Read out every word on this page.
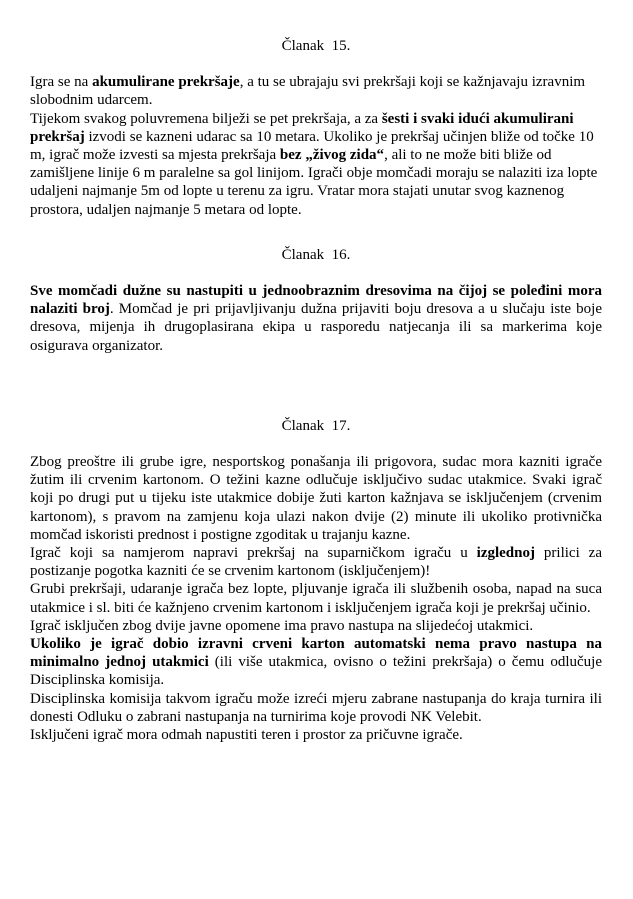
Članak  15.

Igra se na akumulirane prekršaje, a tu se ubrajaju svi prekršaji koji se kažnjavaju izravnim slobodnim udarcem.

Tijekom svakog poluvremena bilježi se pet prekršaja, a za šesti i svaki idući akumulirani prekršaj izvodi se kazneni udarac sa 10 metara. Ukoliko je prekršaj učinjen bliže od točke 10 m, igrač može izvesti sa mjesta prekršaja bez „živog zida“, ali to ne može biti bliže od zamišljene linije 6 m paralelne sa gol linijom. Igrači obje momčadi moraju se nalaziti iza lopte udaljeni najmanje 5m od lopte u terenu za igru. Vratar mora stajati unutar svog kaznenog prostora, udaljen najmanje 5 metara od lopte.

Članak  16.

Sve momčadi dužne su nastupiti u jednoobraznim dresovima na čijoj se poleđini mora nalaziti broj. Momčad je pri prijavljivanju dužna prijaviti boju dresova a u slučaju iste boje dresova, mijenja ih drugoplasirana ekipa u rasporedu natjecanja ili sa markerima koje osigurava organizator.

Članak  17.

Zbog preoštre ili grube igre, nesportskog ponašanja ili prigovora, sudac mora kazniti igrače žutim ili crvenim kartonom. O težini kazne odlučuje isključivo sudac utakmice. Svaki igrač koji po drugi put u tijeku iste utakmice dobije žuti karton kažnjava se isključenjem (crvenim kartonom), s pravom na zamjenu koja ulazi nakon dvije (2) minute ili ukoliko protivnička momčad iskoristi prednost i postigne zgoditak u trajanju kazne.

Igrač koji sa namjerom napravi prekršaj na suparničkom igraču u izglednoj prilici za postizanje pogotka kazniti će se crvenim kartonom (isključenjem)!

Grubi prekršaji, udaranje igrača bez lopte, pljuvanje igrača ili službenih osoba, napad na suca utakmice i sl. biti će kažnjeno crvenim kartonom i isključenjem igrača koji je prekršaj učinio.

Igrač isključen zbog dvije javne opomene ima pravo nastupa na slijedećoj utakmici.

Ukoliko je igrač dobio izravni crveni karton automatski nema pravo nastupa na minimalno jednoj utakmici (ili više utakmica, ovisno o težini prekršaja) o čemu odlučuje Disciplinska komisija.

Disciplinska komisija takvom igraču može izreći mjeru zabrane nastupanja do kraja turnira ili donesti Odluku o zabrani nastupanja na turnirima koje provodi NK Velebit.

Isključeni igrač mora odmah napustiti teren i prostor za pričuvne igrače.
